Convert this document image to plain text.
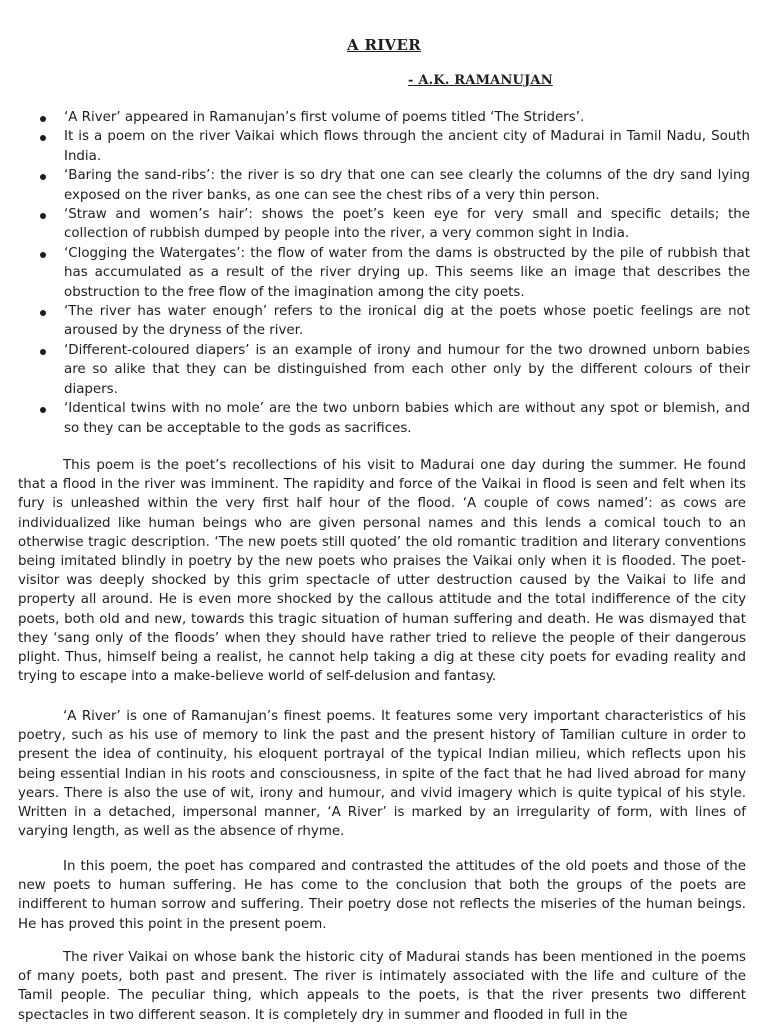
A RIVER

- A.K. RAMANUJAN

‘A River’ appeared in Ramanujan’s first volume of poems titled ‘The Striders’.
It is a poem on the river Vaikai which flows through the ancient city of Madurai in Tamil Nadu, South India.
‘Baring the sand-ribs’: the river is so dry that one can see clearly the columns of the dry sand lying exposed on the river banks, as one can see the chest ribs of a very thin person.
‘Straw and women’s hair’: shows the poet’s keen eye for very small and specific details; the collection of rubbish dumped by people into the river, a very common sight in India.
‘Clogging the Watergates’: the flow of water from the dams is obstructed by the pile of rubbish that has accumulated as a result of the river drying up. This seems like an image that describes the obstruction to the free flow of the imagination among the city poets.
‘The river has water enough’ refers to the ironical dig at the poets whose poetic feelings are not aroused by the dryness of the river.
‘Different-coloured diapers’ is an example of irony and humour for the two drowned unborn babies are so alike that they can be distinguished from each other only by the different colours of their diapers.
‘Identical twins with no mole’ are the two unborn babies which are without any spot or blemish, and so they can be acceptable to the gods as sacrifices.

This poem is the poet’s recollections of his visit to Madurai one day during the summer. He found that a flood in the river was imminent. The rapidity and force of the Vaikai in flood is seen and felt when its fury is unleashed within the very first half hour of the flood. ‘A couple of cows named’: as cows are individualized like human beings who are given personal names and this lends a comical touch to an otherwise tragic description. ‘The new poets still quoted’ the old romantic tradition and literary conventions being imitated blindly in poetry by the new poets who praises the Vaikai only when it is flooded. The poet-visitor was deeply shocked by this grim spectacle of utter destruction caused by the Vaikai to life and property all around. He is even more shocked by the callous attitude and the total indifference of the city poets, both old and new, towards this tragic situation of human suffering and death. He was dismayed that they ‘sang only of the floods’ when they should have rather tried to relieve the people of their dangerous plight. Thus, himself being a realist, he cannot help taking a dig at these city poets for evading reality and trying to escape into a make-believe world of self-delusion and fantasy.

‘A River’ is one of Ramanujan’s finest poems. It features some very important characteristics of his poetry, such as his use of memory to link the past and the present history of Tamilian culture in order to present the idea of continuity, his eloquent portrayal of the typical Indian milieu, which reflects upon his being essential Indian in his roots and consciousness, in spite of the fact that he had lived abroad for many years. There is also the use of wit, irony and humour, and vivid imagery which is quite typical of his style. Written in a detached, impersonal manner, ‘A River’ is marked by an irregularity of form, with lines of varying length, as well as the absence of rhyme.

In this poem, the poet has compared and contrasted the attitudes of the old poets and those of the new poets to human suffering. He has come to the conclusion that both the groups of the poets are indifferent to human sorrow and suffering. Their poetry dose not reflects the miseries of the human beings. He has proved this point in the present poem.

The river Vaikai on whose bank the historic city of Madurai stands has been mentioned in the poems of many poets, both past and present. The river is intimately associated with the life and culture of the Tamil people. The peculiar thing, which appeals to the poets, is that the river presents two different spectacles in two different season. It is completely dry in summer and flooded in full in the
